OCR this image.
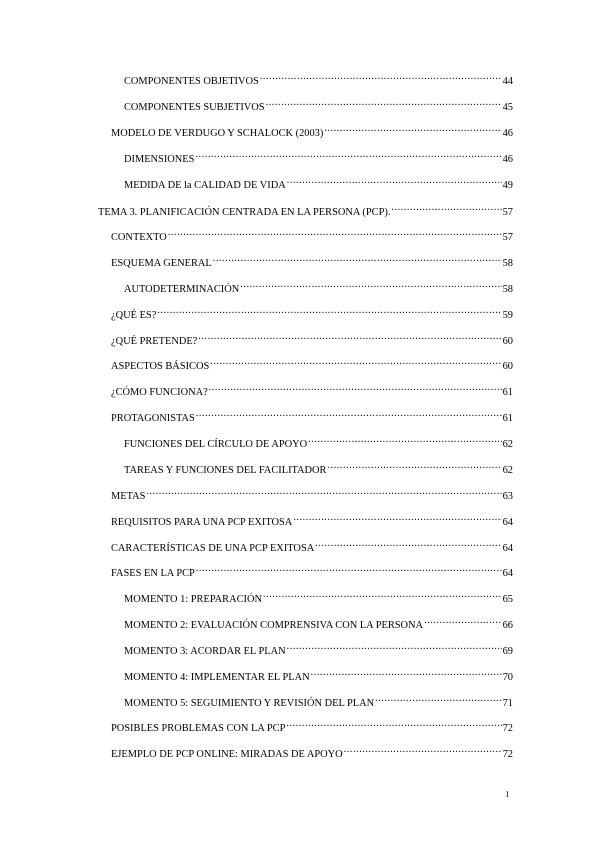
COMPONENTES OBJETIVOS .....	44
COMPONENTES SUBJETIVOS .....	45
MODELO DE VERDUGO Y SCHALOCK (2003) .....	46
DIMENSIONES .....	46
MEDIDA DE la CALIDAD DE VIDA .....	49
TEMA 3. PLANIFICACIÓN CENTRADA EN LA PERSONA (PCP). .....	57
CONTEXTO .....	57
ESQUEMA GENERAL .....	58
AUTODETERMINACIÓN .....	58
¿QUÉ ES? .....	59
¿QUÉ PRETENDE? .....	60
ASPECTOS BÁSICOS .....	60
¿CÓMO FUNCIONA? .....	61
PROTAGONISTAS .....	61
FUNCIONES DEL CÍRCULO DE APOYO .....	62
TAREAS Y FUNCIONES DEL FACILITADOR .....	62
METAS .....	63
REQUISITOS PARA UNA PCP EXITOSA .....	64
CARACTERÍSTICAS DE UNA PCP EXITOSA .....	64
FASES EN LA PCP .....	64
MOMENTO 1: PREPARACIÓN .....	65
MOMENTO 2: EVALUACIÓN COMPRENSIVA CON LA PERSONA .....	66
MOMENTO 3: ACORDAR EL PLAN .....	69
MOMENTO 4: IMPLEMENTAR EL PLAN .....	70
MOMENTO 5: SEGUIMIENTO Y REVISIÓN DEL PLAN .....	71
POSIBLES PROBLEMAS CON LA PCP .....	72
EJEMPLO DE PCP ONLINE: MIRADAS DE APOYO .....	72
I
